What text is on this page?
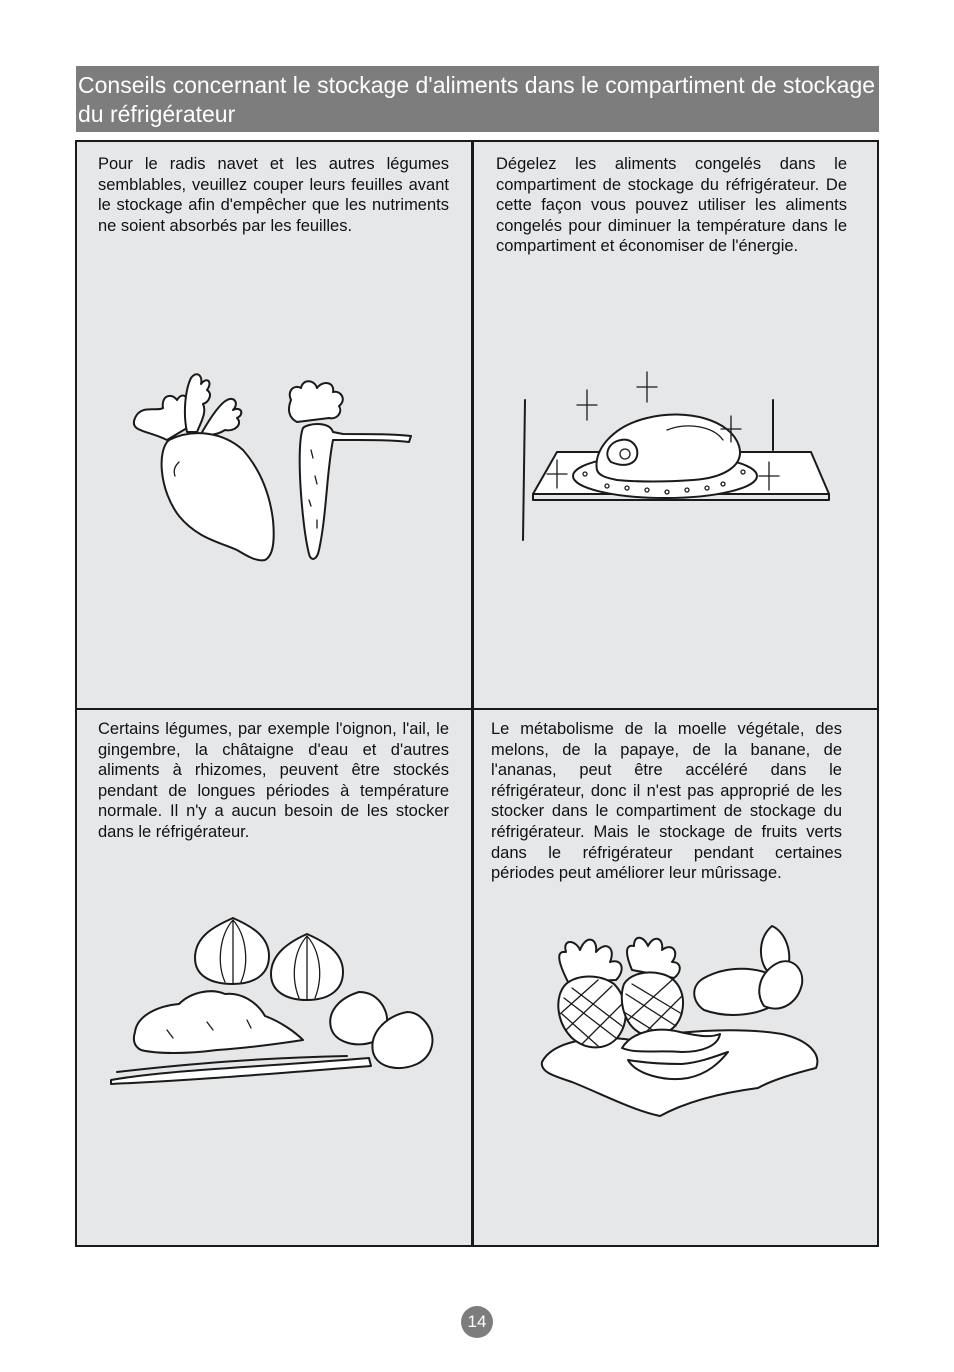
Conseils concernant le stockage d'aliments dans le compartiment de stockage du réfrigérateur
Pour le radis navet et les autres légumes semblables, veuillez couper leurs feuilles avant le stockage afin d'empêcher que les nutriments ne soient absorbés par les feuilles.
Dégelez les aliments congelés dans le compartiment de stockage du réfrigérateur. De cette façon vous pouvez utiliser les aliments congelés pour diminuer la température dans le compartiment et économiser de l'énergie.
Certains légumes, par exemple l'oignon, l'ail, le gingembre, la châtaigne d'eau et d'autres aliments à rhizomes, peuvent être stockés pendant de longues périodes à température normale. Il n'y a aucun besoin de les stocker dans le réfrigérateur.
Le métabolisme de la moelle végétale, des melons, de la papaye, de la banane, de l'ananas, peut être accéléré dans le réfrigérateur, donc il n'est pas approprié de les stocker dans le compartiment de stockage du réfrigérateur. Mais le stockage de fruits verts dans le réfrigérateur pendant certaines périodes peut améliorer leur mûrissage.
14
